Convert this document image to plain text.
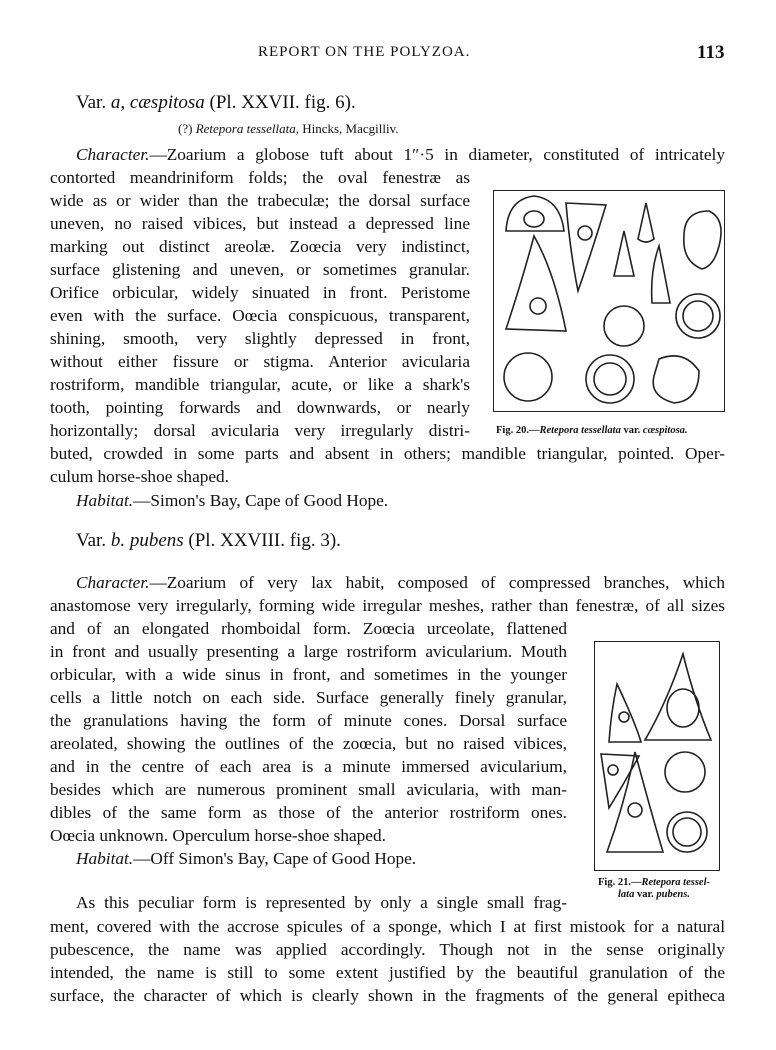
REPORT ON THE POLYZOA.	113
Var. a, cæspitosa (Pl. XXVII. fig. 6).
(?) Retepora tessellata, Hincks, Macgilliv.
Character.—Zoarium a globose tuft about 1″·5 in diameter, constituted of intricately
contorted meandriniform folds; the oval fenestræ as
wide as or wider than the trabeculæ; the dorsal surface
uneven, no raised vibices, but instead a depressed line
marking out distinct areolæ. Zoœcia very indistinct,
surface glistening and uneven, or sometimes granular.
Orifice orbicular, widely sinuated in front. Peristome
even with the surface. Oœcia conspicuous, transparent,
shining, smooth, very slightly depressed in front,
without either fissure or stigma. Anterior avicularia
rostriform, mandible triangular, acute, or like a shark's
tooth, pointing forwards and downwards, or nearly
horizontally; dorsal avicularia very irregularly distri-
buted, crowded in some parts and absent in others; mandible triangular, pointed. Oper-
culum horse-shoe shaped.
Habitat.—Simon's Bay, Cape of Good Hope.
Fig. 20.—Retepora tessellata var. cæspitosa.
Var. b. pubens (Pl. XXVIII. fig. 3).
Character.—Zoarium of very lax habit, composed of compressed branches, which
anastomose very irregularly, forming wide irregular meshes, rather than fenestræ, of all sizes
and of an elongated rhomboidal form. Zoœcia urceolate, flattened
in front and usually presenting a large rostriform avicularium. Mouth
orbicular, with a wide sinus in front, and sometimes in the younger
cells a little notch on each side. Surface generally finely granular,
the granulations having the form of minute cones. Dorsal surface
areolated, showing the outlines of the zoœcia, but no raised vibices,
and in the centre of each area is a minute immersed avicularium,
besides which are numerous prominent small avicularia, with man-
dibles of the same form as those of the anterior rostriform ones.
Oœcia unknown. Operculum horse-shoe shaped.
Habitat.—Off Simon's Bay, Cape of Good Hope.
Fig. 21.—Retepora tessel-
lata var. pubens.
As this peculiar form is represented by only a single small frag-
ment, covered with the accrose spicules of a sponge, which I at first mistook for a natural
pubescence, the name was applied accordingly. Though not in the sense originally
intended, the name is still to some extent justified by the beautiful granulation of the
surface, the character of which is clearly shown in the fragments of the general epitheca
